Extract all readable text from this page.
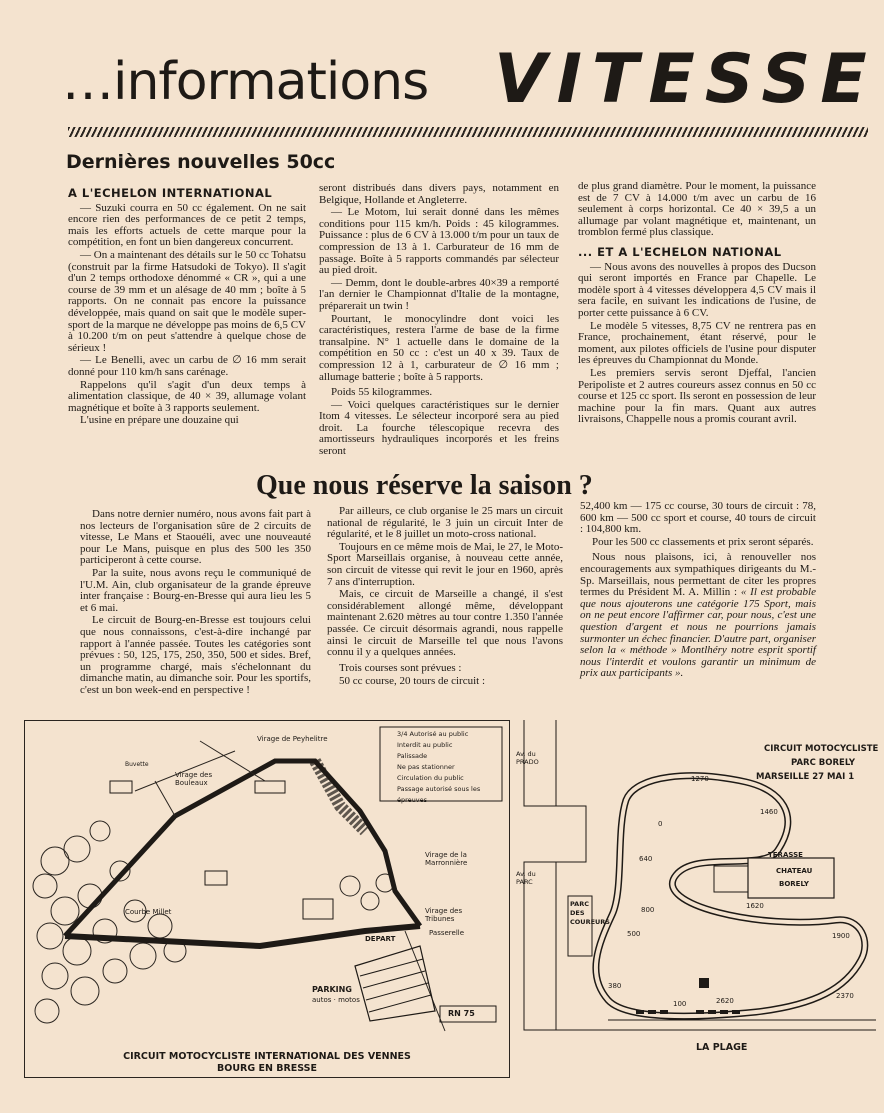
…informations VITESSE
Dernières nouvelles 50cc
A L'ECHELON INTERNATIONAL

— Suzuki courra en 50 cc également. On ne sait encore rien des performances de ce petit 2 temps, mais les efforts actuels de cette marque pour la compétition, en font un bien dangereux concurrent.

— On a maintenant des détails sur le 50 cc Tohatsu (construit par la firme Hatsudoki de Tokyo). Il s'agit d'un 2 temps orthodoxe dénommé « CR », qui a une course de 39 mm et un alésage de 40 mm ; boîte à 5 rapports. On ne connait pas encore la puissance développée, mais quand on sait que le modèle super-sport de la marque ne développe pas moins de 6,5 CV à 10.200 t/m on peut s'attendre à quelque chose de sérieux !

— Le Benelli, avec un carbu de ∅ 16 mm serait donné pour 110 km/h sans carénage.

Rappelons qu'il s'agit d'un deux temps à alimentation classique, de 40 × 39, allumage volant magnétique et boîte à 3 rapports seulement.

L'usine en prépare une douzaine qui

seront distribués dans divers pays, notamment en Belgique, Hollande et Angleterre.

— Le Motom, lui serait donné dans les mêmes conditions pour 115 km/h. Poids : 45 kilogrammes. Puissance : plus de 6 CV à 13.000 t/m pour un taux de compression de 13 à 1. Carburateur de 16 mm de passage. Boîte à 5 rapports commandés par sélecteur au pied droit.

— Demm, dont le double-arbres 40×39 a remporté l'an dernier le Championnat d'Italie de la montagne, préparerait un twin !

Pourtant, le monocylindre dont voici les caractéristiques, restera l'arme de base de la firme transalpine. N° 1 actuelle dans le domaine de la compétition en 50 cc : c'est un 40 x 39. Taux de compression 12 à 1, carburateur de ∅ 16 mm ; allumage batterie ; boîte à 5 rapports.

Poids 55 kilogrammes.

— Voici quelques caractéristiques sur le dernier Itom 4 vitesses. Le sélecteur incorporé sera au pied droit. La fourche télescopique recevra des amortisseurs hydrauliques incorporés et les freins seront

de plus grand diamètre. Pour le moment, la puissance est de 7 CV à 14.000 t/m avec un carbu de 16 seulement à corps horizontal. Ce 40 × 39,5 a un allumage par volant magnétique et, maintenant, un tromblon fermé plus classique.

... ET A L'ECHELON NATIONAL

— Nous avons des nouvelles à propos des Ducson qui seront importés en France par Chapelle. Le modèle sport à 4 vitesses développera 4,5 CV mais il sera facile, en suivant les indications de l'usine, de porter cette puissance à 6 CV.

Le modèle 5 vitesses, 8,75 CV ne rentrera pas en France, prochainement, étant réservé, pour le moment, aux pilotes officiels de l'usine pour disputer les épreuves du Championnat du Monde.

Les premiers servis seront Djeffal, l'ancien Peripoliste et 2 autres coureurs assez connus en 50 cc course et 125 cc sport. Ils seront en possession de leur machine pour la fin mars. Quant aux autres livraisons, Chappelle nous a promis courant avril.

Que nous réserve la saison ?

Dans notre dernier numéro, nous avons fait part à nos lecteurs de l'organisation sûre de 2 circuits de vitesse, Le Mans et Staouéli, avec une nouveauté pour Le Mans, puisque en plus des 500 les 350 participeront à cette course.

Par la suite, nous avons reçu le communiqué de l'U.M. Ain, club organisateur de la grande épreuve inter française : Bourg-en-Bresse qui aura lieu les 5 et 6 mai.

Le circuit de Bourg-en-Bresse est toujours celui que nous connaissons, c'est-à-dire inchangé par rapport à l'année passée. Toutes les catégories sont prévues : 50, 125, 175, 250, 350, 500 et sides. Bref, un programme chargé, mais s'échelonnant du dimanche matin, au dimanche soir. Pour les sportifs, c'est un bon week-end en perspective !

Par ailleurs, ce club organise le 25 mars un circuit national de régularité, le 3 juin un circuit Inter de régularité, et le 8 juillet un moto-cross national.

Toujours en ce même mois de Mai, le 27, le Moto-Sport Marseillais organise, à nouveau cette année, son circuit de vitesse qui revit le jour en 1960, après 7 ans d'interruption.

Mais, ce circuit de Marseille a changé, il s'est considérablement allongé même, développant maintenant 2.620 mètres au tour contre 1.350 l'année passée. Ce circuit désormais agrandi, nous rappelle ainsi le circuit de Marseille tel que nous l'avons connu il y a quelques années.

Trois courses sont prévues :

50 cc course, 20 tours de circuit :

52,400 km — 175 cc course, 30 tours de circuit : 78, 600 km — 500 cc sport et course, 40 tours de circuit : 104,800 km.

Pour les 500 cc classements et prix seront séparés.

Nous nous plaisons, ici, à renouveller nos encouragements aux sympathiques dirigeants du M.-Sp. Marseillais, nous permettant de citer les propres termes du Président M. A. Millin : « Il est probable que nous ajouterons une catégorie 175 Sport, mais on ne peut encore l'affirmer car, pour nous, c'est une question d'argent et nous ne pourrions jamais surmonter un échec financier. D'autre part, organiser selon la « méthode » Montlhéry notre esprit sportif nous l'interdit et voulons garantir un minimum de prix aux participants ».

3/4 Autorisé au public
Interdit au public
Palissade
Ne pas stationner
Circulation du public
Passage autorisé sous les épreuves
Virage de Peyhelitre
Virage des Bouleaux
Courbe Millet
Virage de la Marronnière
Virage des Tribunes
DEPART
Passerelle
Buvette
PARKING
autos · motos
RN 75
CIRCUIT MOTOCYCLISTE INTERNATIONAL DES VENNES
BOURG EN BRESSE
CIRCUIT MOTOCYCLISTE
PARC BORELY
MARSEILLE 27 MAI 1
CHATEAU
BORELY
TERASSE
Av. du PRADO
Av. du PARC
PARC DES COUREURS
LA PLAGE
1270
1460
1620
2620
2370
1900
800
640
500
380
100
0
